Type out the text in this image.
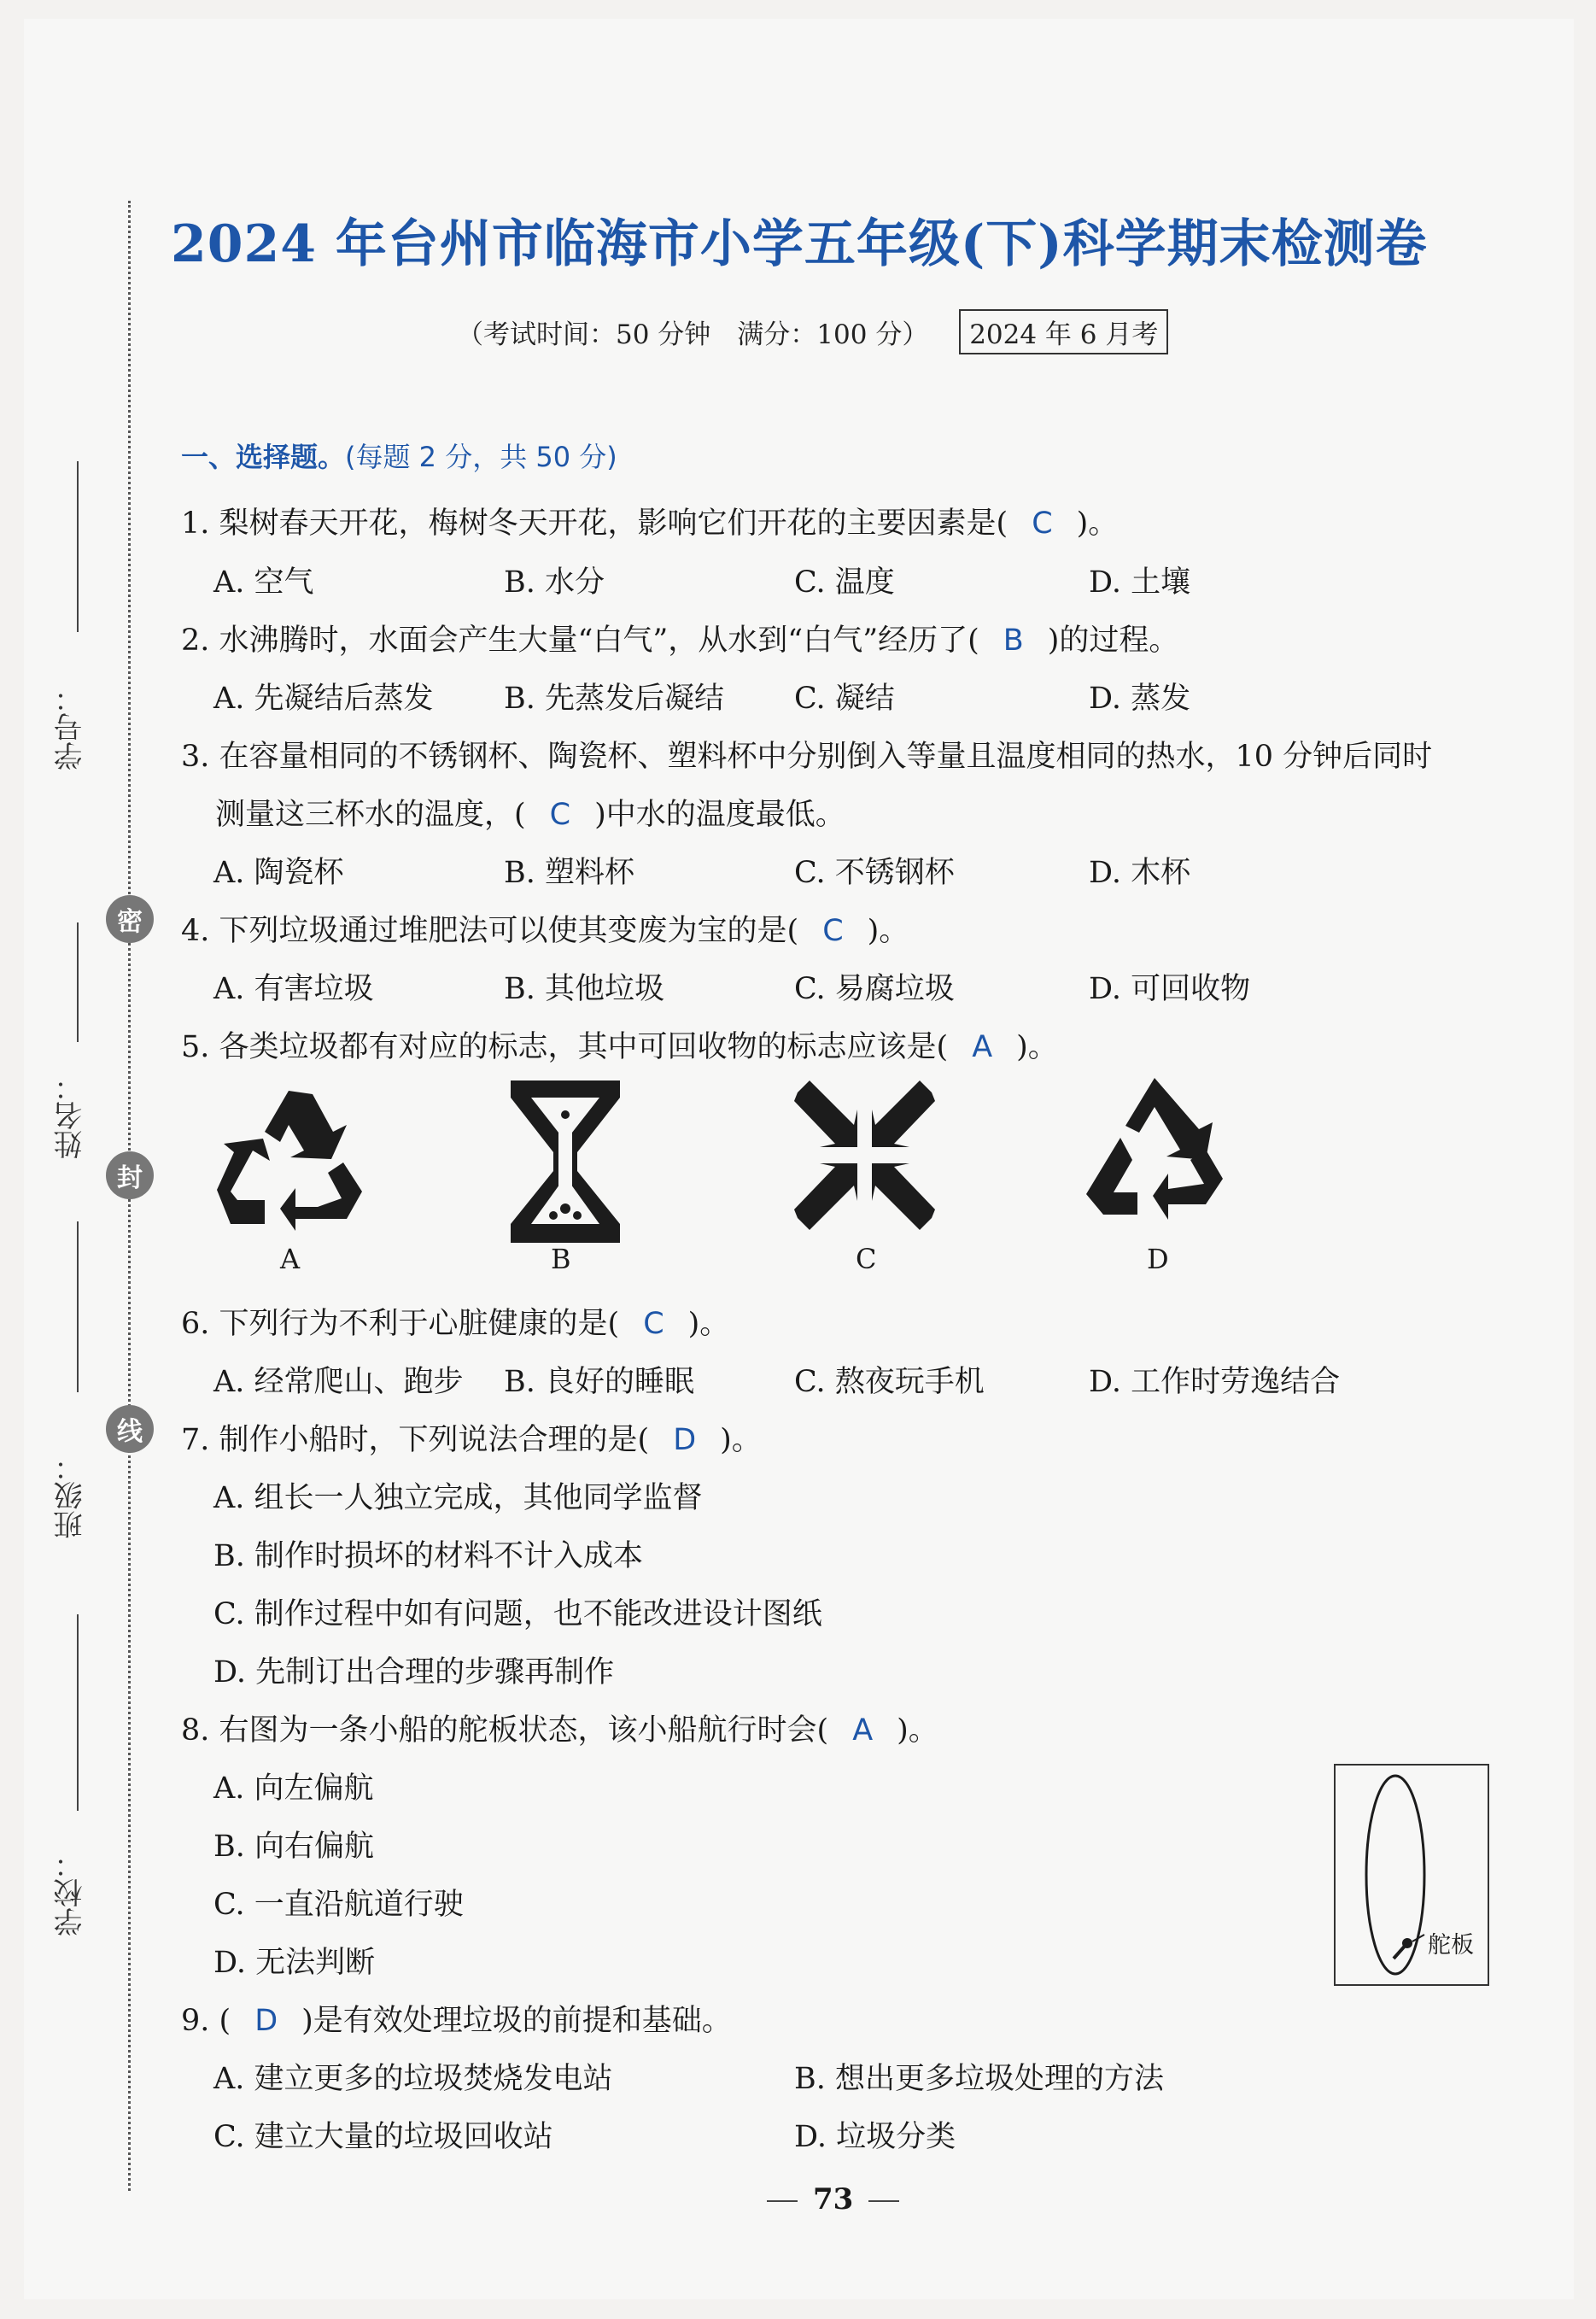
学号：
密
姓名：
封
线
班级：
学校：
2024 年台州市临海市小学五年级(下)科学期末检测卷
（考试时间：50 分钟　满分：100 分） 2024 年 6 月考
一、选择题。(每题 2 分，共 50 分)
1. 梨树春天开花，梅树冬天开花，影响它们开花的主要因素是( C )。
A. 空气	B. 水分	C. 温度	D. 土壤
2. 水沸腾时，水面会产生大量“白气”，从水到“白气”经历了( B )的过程。
A. 先凝结后蒸发 B. 先蒸发后凝结 C. 凝结	D. 蒸发
3. 在容量相同的不锈钢杯、陶瓷杯、塑料杯中分别倒入等量且温度相同的热水，10 分钟后同时
测量这三杯水的温度，( C )中水的温度最低。
A. 陶瓷杯	B. 塑料杯	C. 不锈钢杯	D. 木杯
4. 下列垃圾通过堆肥法可以使其变废为宝的是( C )。
A. 有害垃圾	B. 其他垃圾	C. 易腐垃圾	D. 可回收物
5. 各类垃圾都有对应的标志，其中可回收物的标志应该是( A )。
A	B	C	D
6. 下列行为不利于心脏健康的是( C )。
A. 经常爬山、跑步 B. 良好的睡眠	C. 熬夜玩手机	D. 工作时劳逸结合
7. 制作小船时，下列说法合理的是( D )。
A. 组长一人独立完成，其他同学监督
B. 制作时损坏的材料不计入成本
C. 制作过程中如有问题，也不能改进设计图纸
D. 先制订出合理的步骤再制作
8. 右图为一条小船的舵板状态，该小船航行时会( A )。
A. 向左偏航
B. 向右偏航
C. 一直沿航道行驶
D. 无法判断
舵板
9. ( D )是有效处理垃圾的前提和基础。
A. 建立更多的垃圾焚烧发电站	B. 想出更多垃圾处理的方法
C. 建立大量的垃圾回收站	D. 垃圾分类
73
